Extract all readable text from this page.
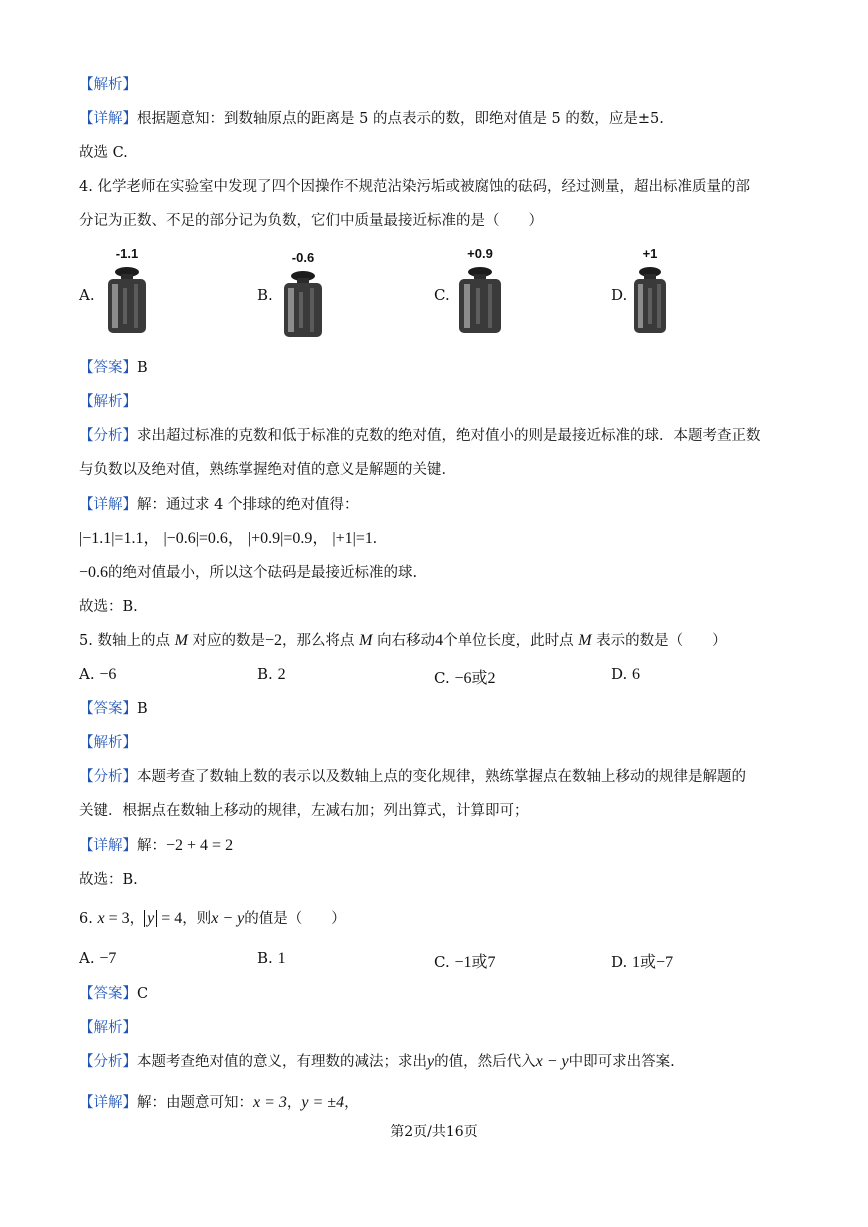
【解析】
【详解】根据题意知：到数轴原点的距离是 5 的点表示的数，即绝对值是 5 的数，应是±5.
故选 C.
4. 化学老师在实验室中发现了四个因操作不规范沾染污垢或被腐蚀的砝码，经过测量，超出标准质量的部
分记为正数、不足的部分记为负数，它们中质量最接近标准的是（　　）
A.
-1.1
B.
-0.6
C.
+0.9
D.
+1
【答案】B
【解析】
【分析】求出超过标准的克数和低于标准的克数的绝对值，绝对值小的则是最接近标准的球．本题考查正数
与负数以及绝对值，熟练掌握绝对值的意义是解题的关键．
【详解】解：通过求 4 个排球的绝对值得：
|−1.1|=1.1， |−0.6|=0.6， |+0.9|=0.9， |+1|=1.
−0.6的绝对值最小，所以这个砝码是最接近标准的球.
故选：B.
5. 数轴上的点 M 对应的数是−2，那么将点 M 向右移动4个单位长度，此时点 M 表示的数是（　　）
A. −6	B. 2	C. −6或2	D. 6
【答案】B
【解析】
【分析】本题考查了数轴上数的表示以及数轴上点的变化规律，熟练掌握点在数轴上移动的规律是解题的
关键．根据点在数轴上移动的规律，左减右加；列出算式，计算即可；
【详解】解：−2 + 4 = 2
故选：B.
6. x = 3， y = 4，则x − y的值是（　　）
A. −7	B. 1	C. −1或7	D. 1或−7
【答案】C
【解析】
【分析】本题考查绝对值的意义，有理数的减法；求出y的值，然后代入x − y中即可求出答案.
【详解】解：由题意可知：x = 3，y = ±4，
第2页/共16页
